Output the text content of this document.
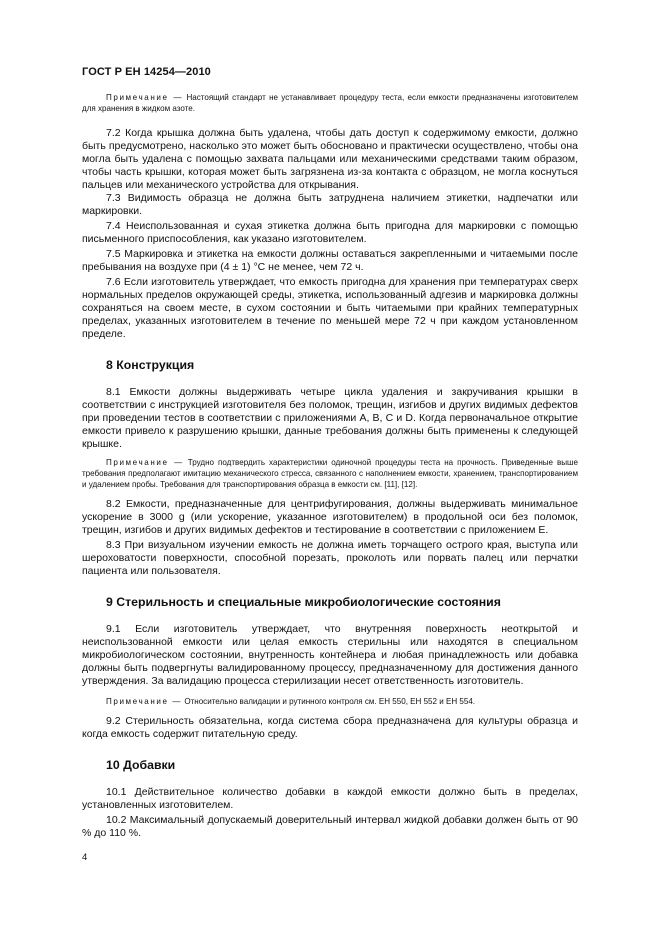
ГОСТ Р ЕН 14254—2010

Примечание — Настоящий стандарт не устанавливает процедуру теста, если емкости предназначены изготовителем для хранения в жидком азоте.

7.2 Когда крышка должна быть удалена, чтобы дать доступ к содержимому емкости, должно быть предусмотрено, насколько это может быть обосновано и практически осуществлено, чтобы она могла быть удалена с помощью захвата пальцами или механическими средствами таким образом, чтобы часть крышки, которая может быть загрязнена из-за контакта с образцом, не могла коснуться пальцев или механического устройства для открывания.

7.3 Видимость образца не должна быть затруднена наличием этикетки, надпечатки или маркировки.

7.4 Неиспользованная и сухая этикетка должна быть пригодна для маркировки с помощью письменного приспособления, как указано изготовителем.

7.5 Маркировка и этикетка на емкости должны оставаться закрепленными и читаемыми после пребывания на воздухе при (4 ± 1) °С не менее, чем 72 ч.

7.6 Если изготовитель утверждает, что емкость пригодна для хранения при температурах сверх нормальных пределов окружающей среды, этикетка, использованный адгезив и маркировка должны сохраняться на своем месте, в сухом состоянии и быть читаемыми при крайних температурных пределах, указанных изготовителем в течение по меньшей мере 72 ч при каждом установленном пределе.

8 Конструкция

8.1 Емкости должны выдерживать четыре цикла удаления и закручивания крышки в соответствии с инструкцией изготовителя без поломок, трещин, изгибов и других видимых дефектов при проведении тестов в соответствии с приложениями A, B, C и D. Когда первоначальное открытие емкости привело к разрушению крышки, данные требования должны быть применены к следующей крышке.

Примечание — Трудно подтвердить характеристики одиночной процедуры теста на прочность. Приведенные выше требования предполагают имитацию механического стресса, связанного с наполнением емкости, хранением, транспортированием и удалением пробы. Требования для транспортирования образца в емкости см. [11], [12].

8.2 Емкости, предназначенные для центрифугирования, должны выдерживать минимальное ускорение в 3000 g (или ускорение, указанное изготовителем) в продольной оси без поломок, трещин, изгибов и других видимых дефектов и тестирование в соответствии с приложением Е.

8.3 При визуальном изучении емкость не должна иметь торчащего острого края, выступа или шероховатости поверхности, способной порезать, проколоть или порвать палец или перчатки пациента или пользователя.

9 Стерильность и специальные микробиологические состояния

9.1 Если изготовитель утверждает, что внутренняя поверхность неоткрытой и неиспользованной емкости или целая емкость стерильны или находятся в специальном микробиологическом состоянии, внутренность контейнера и любая принадлежность или добавка должны быть подвергнуты валидированному процессу, предназначенному для достижения данного утверждения. За валидацию процесса стерилизации несет ответственность изготовитель.

Примечание — Относительно валидации и рутинного контроля см. ЕН 550, ЕН 552 и ЕН 554.

9.2 Стерильность обязательна, когда система сбора предназначена для культуры образца и когда емкость содержит питательную среду.

10 Добавки

10.1 Действительное количество добавки в каждой емкости должно быть в пределах, установленных изготовителем.

10.2 Максимальный допускаемый доверительный интервал жидкой добавки должен быть от 90 % до 110 %.

4
